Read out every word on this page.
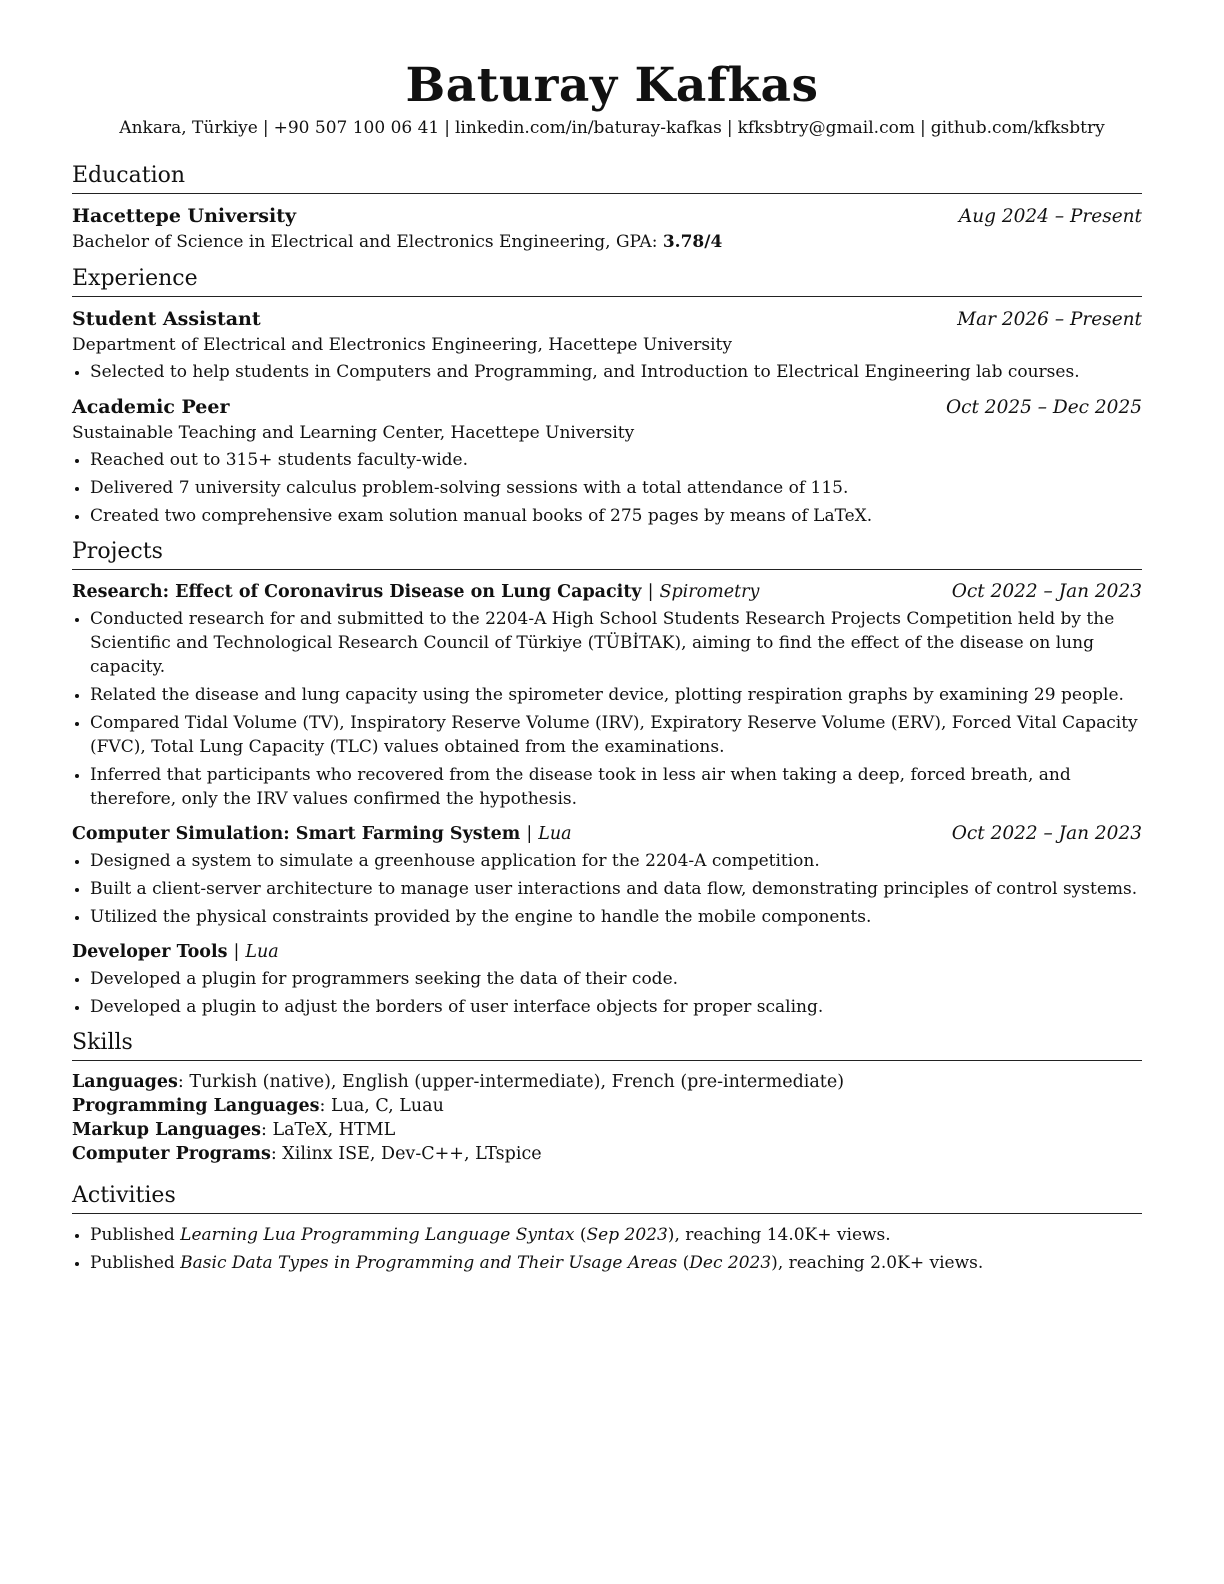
Baturay Kafkas
Ankara, Türkiye | +90 507 100 06 41 | linkedin.com/in/baturay-kafkas | kfksbtry@gmail.com | github.com/kfksbtry
Education
Hacettepe University	Aug 2024 – Present
Bachelor of Science in Electrical and Electronics Engineering, GPA: 3.78/4
Experience
Student Assistant	Mar 2026 – Present
Department of Electrical and Electronics Engineering, Hacettepe University
• Selected to help students in Computers and Programming, and Introduction to Electrical Engineering lab courses.
Academic Peer	Oct 2025 – Dec 2025
Sustainable Teaching and Learning Center, Hacettepe University
• Reached out to 315+ students faculty-wide.
• Delivered 7 university calculus problem-solving sessions with a total attendance of 115.
• Created two comprehensive exam solution manual books of 275 pages by means of LaTeX.
Projects
Research: Effect of Coronavirus Disease on Lung Capacity | Spirometry	Oct 2022 – Jan 2023
• Conducted research for and submitted to the 2204-A High School Students Research Projects Competition held by the Scientific and Technological Research Council of Türkiye (TÜBİTAK), aiming to find the effect of the disease on lung capacity.
• Related the disease and lung capacity using the spirometer device, plotting respiration graphs by examining 29 people.
• Compared Tidal Volume (TV), Inspiratory Reserve Volume (IRV), Expiratory Reserve Volume (ERV), Forced Vital Capacity (FVC), Total Lung Capacity (TLC) values obtained from the examinations.
• Inferred that participants who recovered from the disease took in less air when taking a deep, forced breath, and therefore, only the IRV values confirmed the hypothesis.
Computer Simulation: Smart Farming System | Lua	Oct 2022 – Jan 2023
• Designed a system to simulate a greenhouse application for the 2204-A competition.
• Built a client-server architecture to manage user interactions and data flow, demonstrating principles of control systems.
• Utilized the physical constraints provided by the engine to handle the mobile components.
Developer Tools | Lua
• Developed a plugin for programmers seeking the data of their code.
• Developed a plugin to adjust the borders of user interface objects for proper scaling.
Skills
Languages: Turkish (native), English (upper-intermediate), French (pre-intermediate)
Programming Languages: Lua, C, Luau
Markup Languages: LaTeX, HTML
Computer Programs: Xilinx ISE, Dev-C++, LTspice
Activities
• Published Learning Lua Programming Language Syntax (Sep 2023), reaching 14.0K+ views.
• Published Basic Data Types in Programming and Their Usage Areas (Dec 2023), reaching 2.0K+ views.
